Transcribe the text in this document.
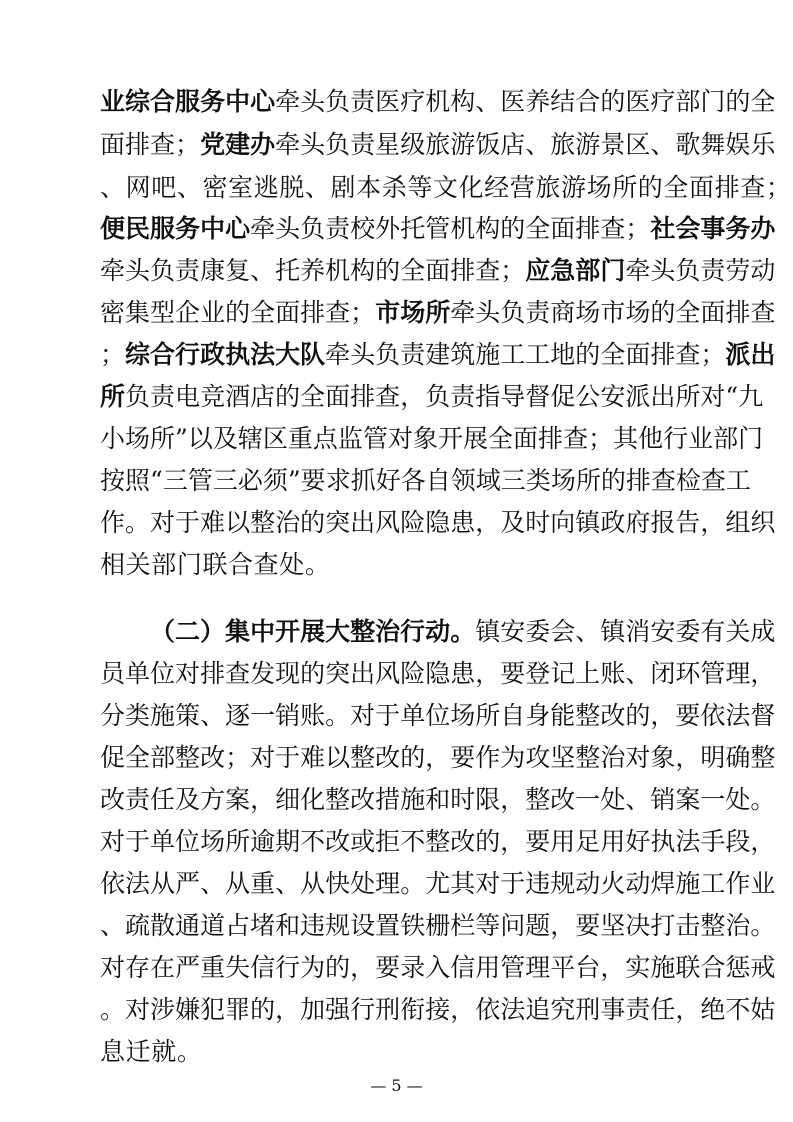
业 综 合 服 务 中 心 牵 头 负 责 医 疗 机 构 、 医 养 结 合 的 医 疗 部 门 的 全
面 排 查 ； 党 建 办 牵 头 负 责 星 级 旅 游 饭 店 、 旅 游 景 区 、 歌 舞 娱 乐
、 网 吧 、 密 室 逃 脱 、 剧 本 杀 等 文 化 经 营 旅 游 场 所 的 全 面 排 查 ；
便 民 服 务 中 心 牵 头 负 责 校 外 托 管 机 构 的 全 面 排 查 ； 社 会 事 务 办
牵 头 负 责 康 复 、 托 养 机 构 的 全 面 排 查 ； 应 急 部 门 牵 头 负 责 劳 动
密 集 型 企 业 的 全 面 排 查 ； 市 场 所 牵 头 负 责 商 场 市 场 的 全 面 排 查
； 综 合 行 政 执 法 大 队 牵 头 负 责 建 筑 施 工 工 地 的 全 面 排 查 ； 派 出
所 负 责 电 竞 酒 店 的 全 面 排 查 ， 负 责 指 导 督 促 公 安 派 出 所 对 “ 九
小 场 所 ” 以 及 辖 区 重 点 监 管 对 象 开 展 全 面 排 查 ； 其 他 行 业 部 门
按 照 “ 三 管 三 必 须 ” 要 求 抓 好 各 自 领 域 三 类 场 所 的 排 查 检 查 工
作 。 对 于 难 以 整 治 的 突 出 风 险 隐 患 ， 及 时 向 镇 政 府 报 告 ， 组 织
相 关 部 门 联 合 查 处 。
（ 二 ） 集 中 开 展 大 整 治 行 动 。 镇 安 委 会 、 镇 消 安 委 有 关 成
员 单 位 对 排 查 发 现 的 突 出 风 险 隐 患 ， 要 登 记 上 账 、 闭 环 管 理 ，
分 类 施 策 、 逐 一 销 账 。 对 于 单 位 场 所 自 身 能 整 改 的 ， 要 依 法 督
促 全 部 整 改 ； 对 于 难 以 整 改 的 ， 要 作 为 攻 坚 整 治 对 象 ， 明 确 整
改 责 任 及 方 案 ， 细 化 整 改 措 施 和 时 限 ， 整 改 一 处 、 销 案 一 处 。
对 于 单 位 场 所 逾 期 不 改 或 拒 不 整 改 的 ， 要 用 足 用 好 执 法 手 段 ，
依 法 从 严 、 从 重 、 从 快 处 理 。 尤 其 对 于 违 规 动 火 动 焊 施 工 作 业
、 疏 散 通 道 占 堵 和 违 规 设 置 铁 栅 栏 等 问 题 ， 要 坚 决 打 击 整 治 。
对 存 在 严 重 失 信 行 为 的 ， 要 录 入 信 用 管 理 平 台 ， 实 施 联 合 惩 戒
。 对 涉 嫌 犯 罪 的 ， 加 强 行 刑 衔 接 ， 依 法 追 究 刑 事 责 任 ， 绝 不 姑
息 迁 就 。
— 5 —
